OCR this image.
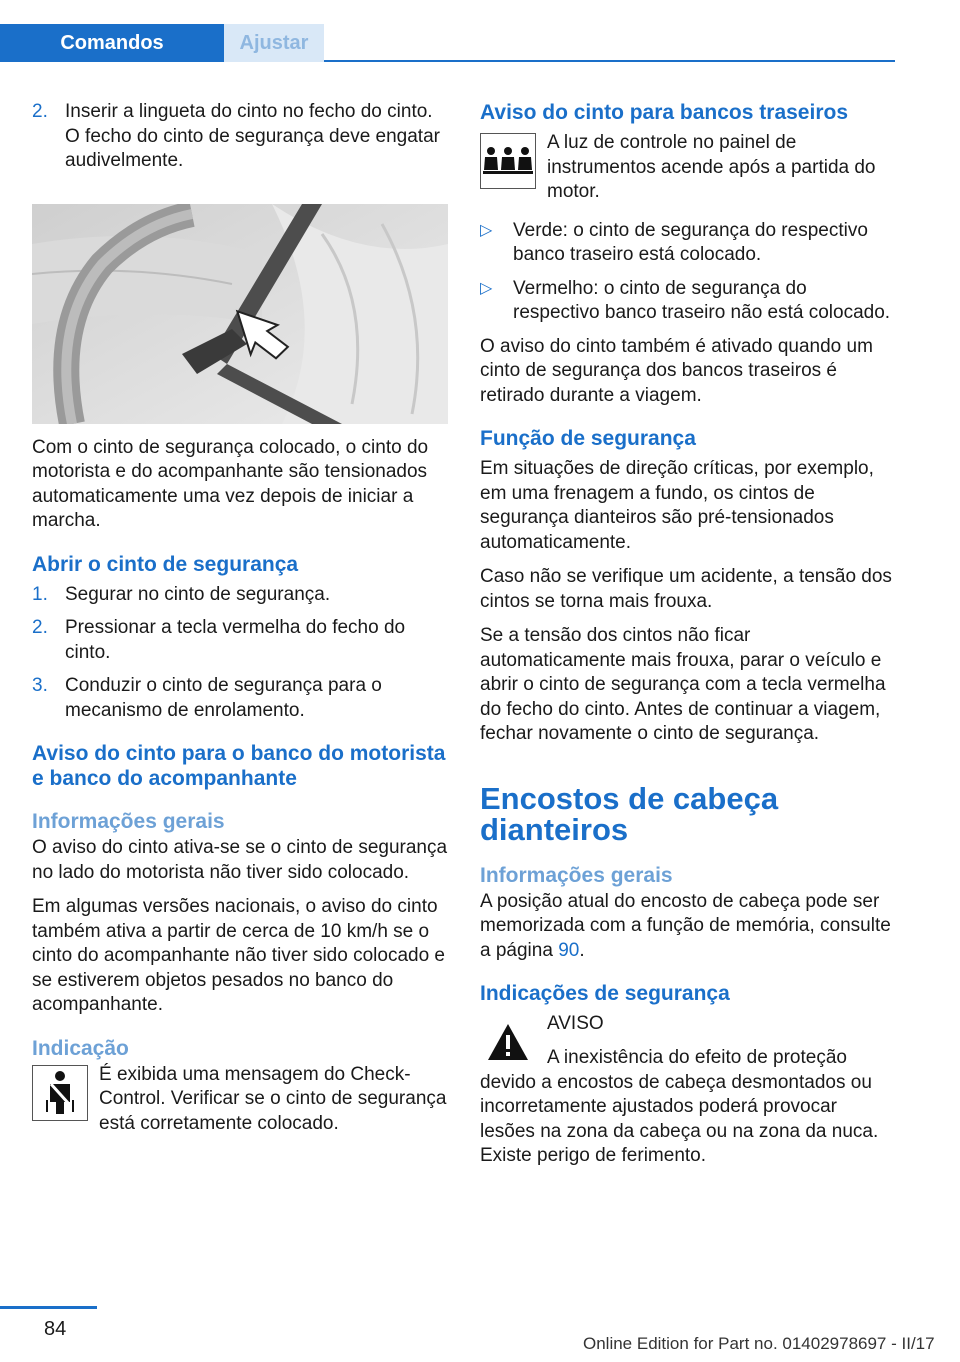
Comandos	Ajustar
2. Inserir a lingueta do cinto no fecho do cinto. O fecho do cinto de segurança deve engatar audivelmente.

Com o cinto de segurança colocado, o cinto do motorista e do acompanhante são tensionados automaticamente uma vez depois de iniciar a marcha.

Abrir o cinto de segurança
1. Segurar no cinto de segurança.
2. Pressionar a tecla vermelha do fecho do cinto.
3. Conduzir o cinto de segurança para o mecanismo de enrolamento.
Aviso do cinto para o banco do motorista e banco do acompanhante
Informações gerais

O aviso do cinto ativa-se se o cinto de segurança no lado do motorista não tiver sido colocado.

Em algumas versões nacionais, o aviso do cinto também ativa a partir de cerca de 10 km/h se o cinto do acompanhante não tiver sido colocado e se estiverem objetos pesados no banco do acompanhante.

Indicação

É exibida uma mensagem do Check-Control. Verificar se o cinto de segurança está corretamente colocado.

Aviso do cinto para bancos traseiros

A luz de controle no painel de instrumentos acende após a partida do motor.

▷ Verde: o cinto de segurança do respectivo banco traseiro está colocado.
▷ Vermelho: o cinto de segurança do respectivo banco traseiro não está colocado.

O aviso do cinto também é ativado quando um cinto de segurança dos bancos traseiros é retirado durante a viagem.

Função de segurança

Em situações de direção críticas, por exemplo, em uma frenagem a fundo, os cintos de segurança dianteiros são pré-tensionados automaticamente.

Caso não se verifique um acidente, a tensão dos cintos se torna mais frouxa.

Se a tensão dos cintos não ficar automaticamente mais frouxa, parar o veículo e abrir o cinto de segurança com a tecla vermelha do fecho do cinto. Antes de continuar a viagem, fechar novamente o cinto de segurança.

Encostos de cabeça dianteiros
Informações gerais

A posição atual do encosto de cabeça pode ser memorizada com a função de memória, consulte a página 90.

Indicações de segurança

AVISO

A inexistência do efeito de proteção devido a encostos de cabeça desmontados ou incorretamente ajustados poderá provocar lesões na zona da cabeça ou na zona da nuca. Existe perigo de ferimento.

84
Online Edition for Part no. 01402978697 - II/17
